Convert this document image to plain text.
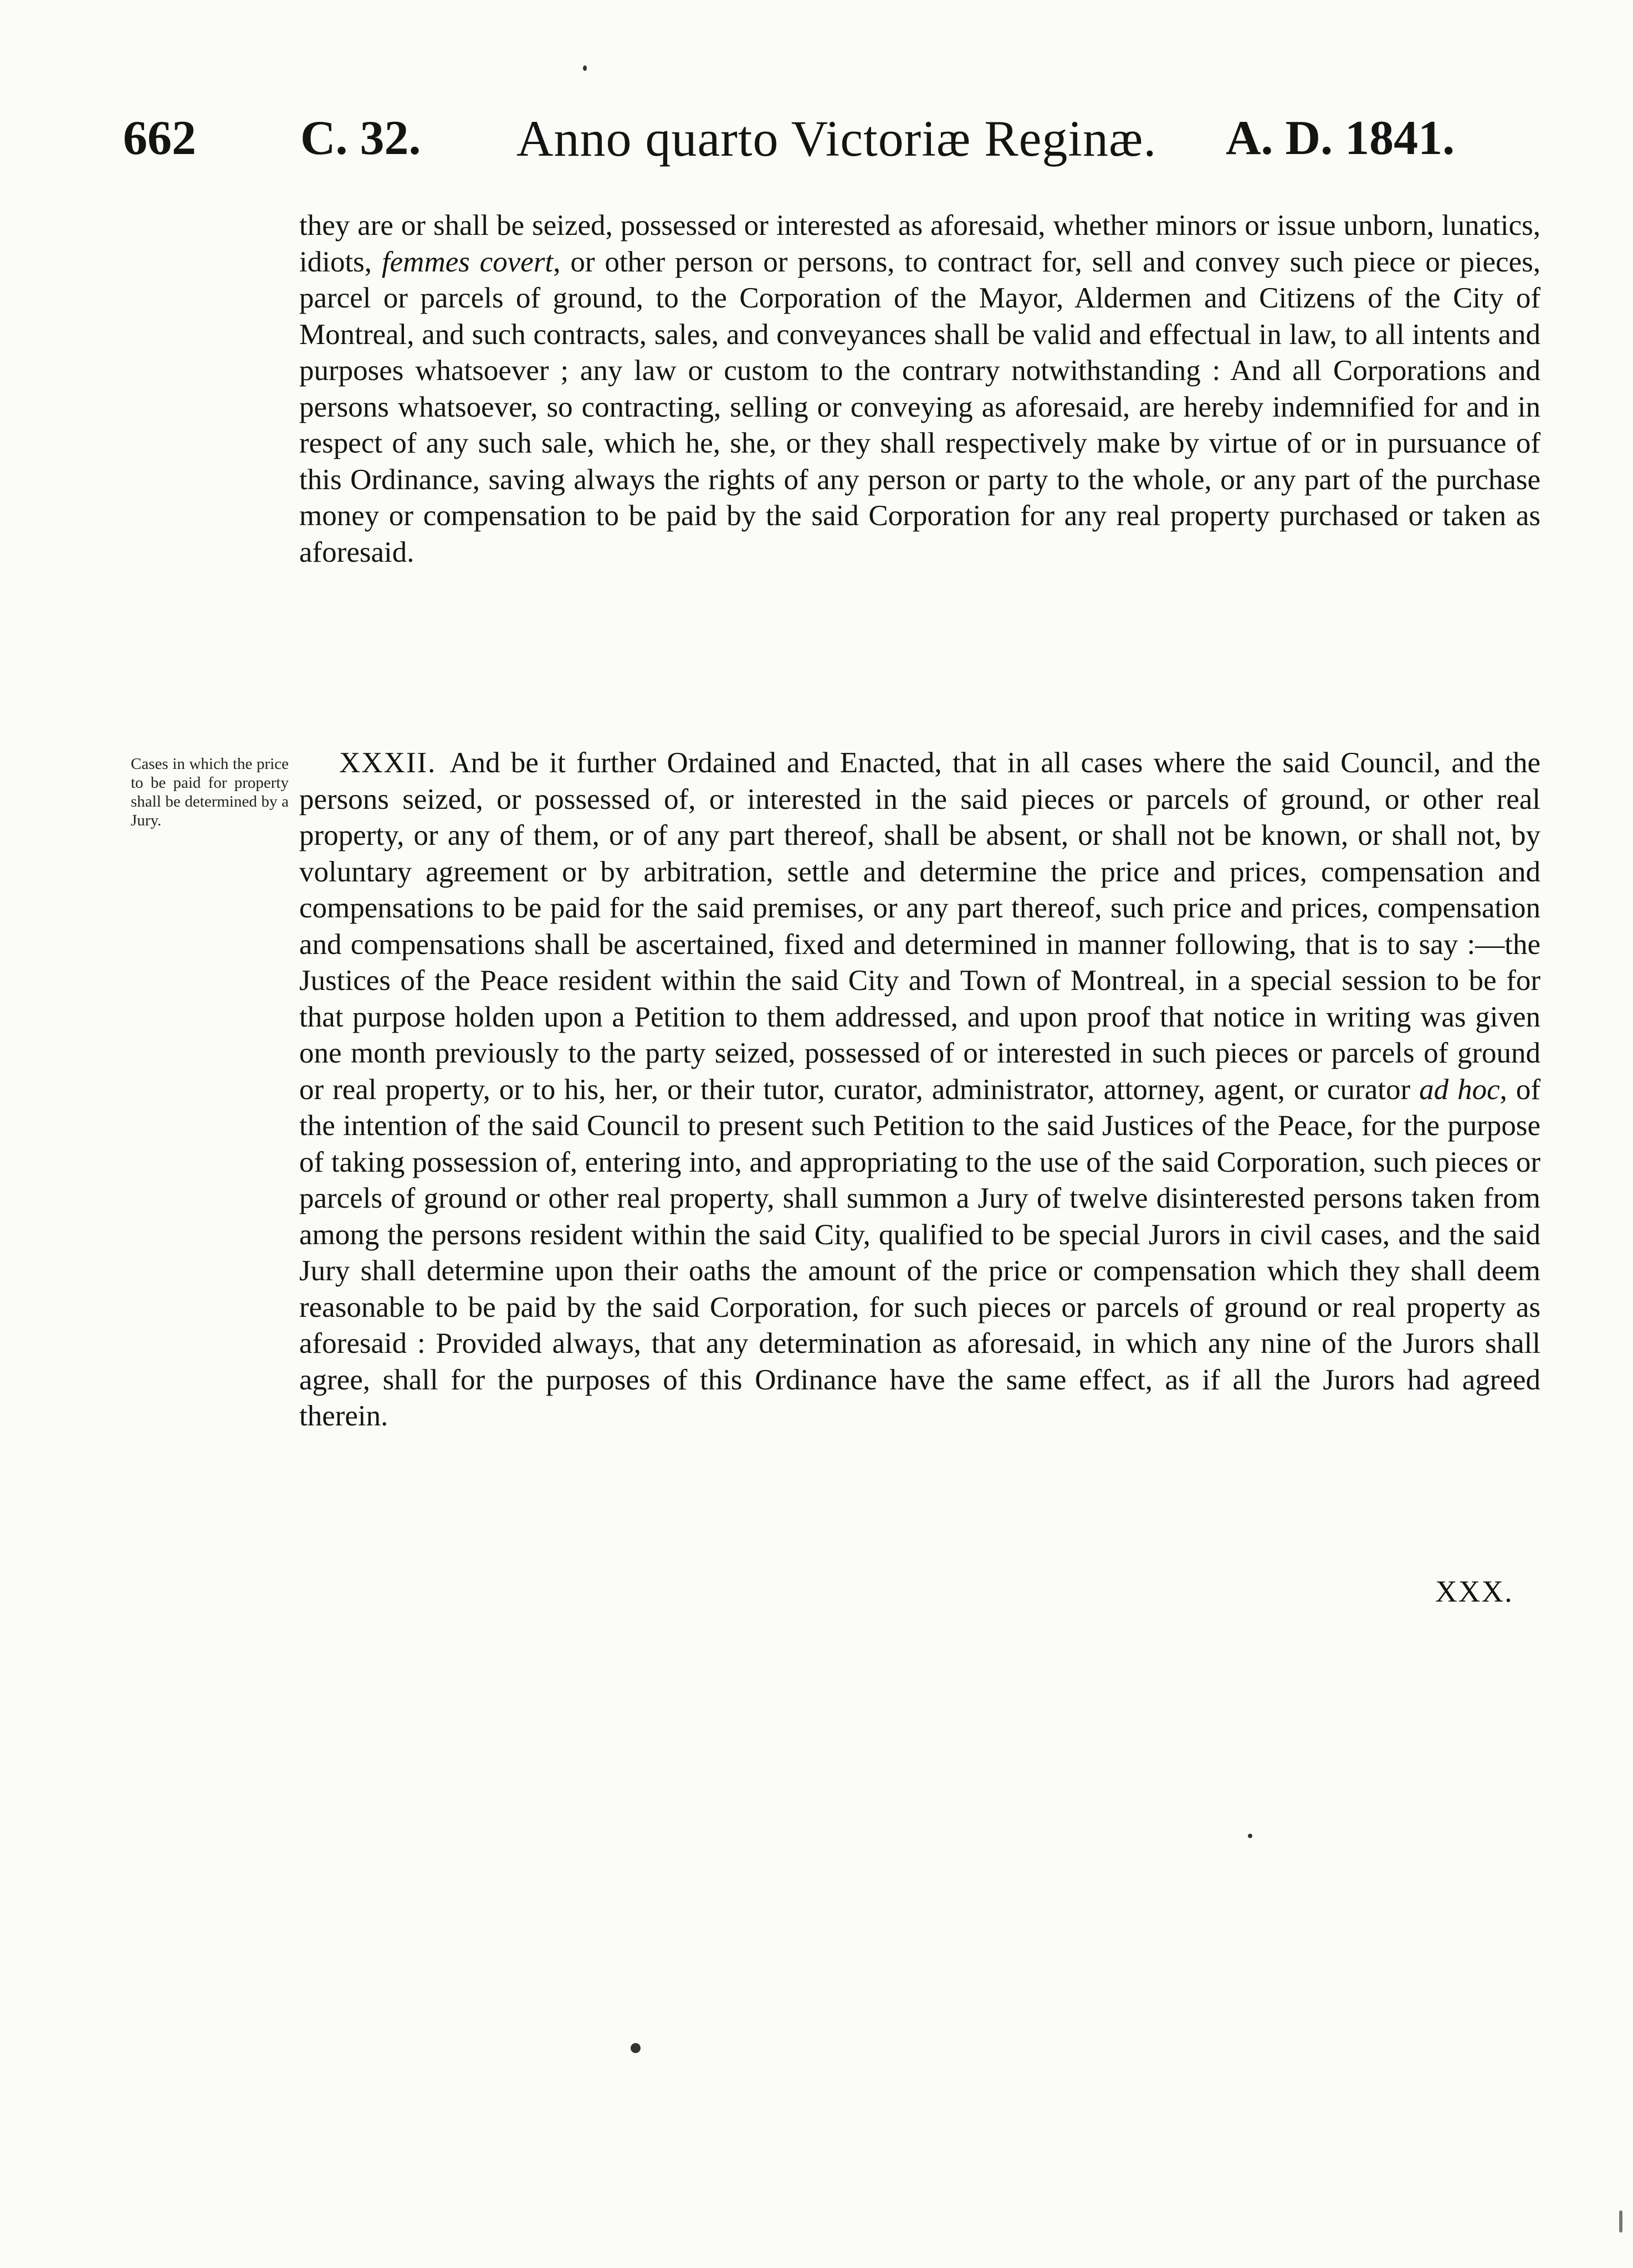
662 C. 32. Anno quarto Victoriæ Reginæ. A. D. 1841.

they are or shall be seized, possessed or interested as aforesaid, whether minors or issue unborn, lunatics, idiots, femmes covert, or other person or persons, to contract for, sell and convey such piece or pieces, parcel or parcels of ground, to the Corporation of the Mayor, Aldermen and Citizens of the City of Montreal, and such contracts, sales, and conveyances shall be valid and effectual in law, to all intents and purposes whatsoever ; any law or custom to the contrary notwithstanding : And all Corporations and persons whatsoever, so contracting, selling or conveying as aforesaid, are hereby indemnified for and in respect of any such sale, which he, she, or they shall respectively make by virtue of or in pursuance of this Ordinance, saving always the rights of any person or party to the whole, or any part of the purchase money or compensation to be paid by the said Corporation for any real property purchased or taken as aforesaid.

Cases in which the price to be paid for property shall be determined by a Jury.

XXXII. And be it further Ordained and Enacted, that in all cases where the said Council, and the persons seized, or possessed of, or interested in the said pieces or parcels of ground, or other real property, or any of them, or of any part thereof, shall be absent, or shall not be known, or shall not, by voluntary agreement or by arbitration, settle and determine the price and prices, compensation and compensations to be paid for the said premises, or any part thereof, such price and prices, compensation and compensations shall be ascertained, fixed and determined in manner following, that is to say :—the Justices of the Peace resident within the said City and Town of Montreal, in a special session to be for that purpose holden upon a Petition to them addressed, and upon proof that notice in writing was given one month previously to the party seized, possessed of or interested in such pieces or parcels of ground or real property, or to his, her, or their tutor, curator, administrator, attorney, agent, or curator ad hoc, of the intention of the said Council to present such Petition to the said Justices of the Peace, for the purpose of taking possession of, entering into, and appropriating to the use of the said Corporation, such pieces or parcels of ground or other real property, shall summon a Jury of twelve disinterested persons taken from among the persons resident within the said City, qualified to be special Jurors in civil cases, and the said Jury shall determine upon their oaths the amount of the price or compensation which they shall deem reasonable to be paid by the said Corporation, for such pieces or parcels of ground or real property as aforesaid : Provided always, that any determination as aforesaid, in which any nine of the Jurors shall agree, shall for the purposes of this Ordinance have the same effect, as if all the Jurors had agreed therein.

XXX.
